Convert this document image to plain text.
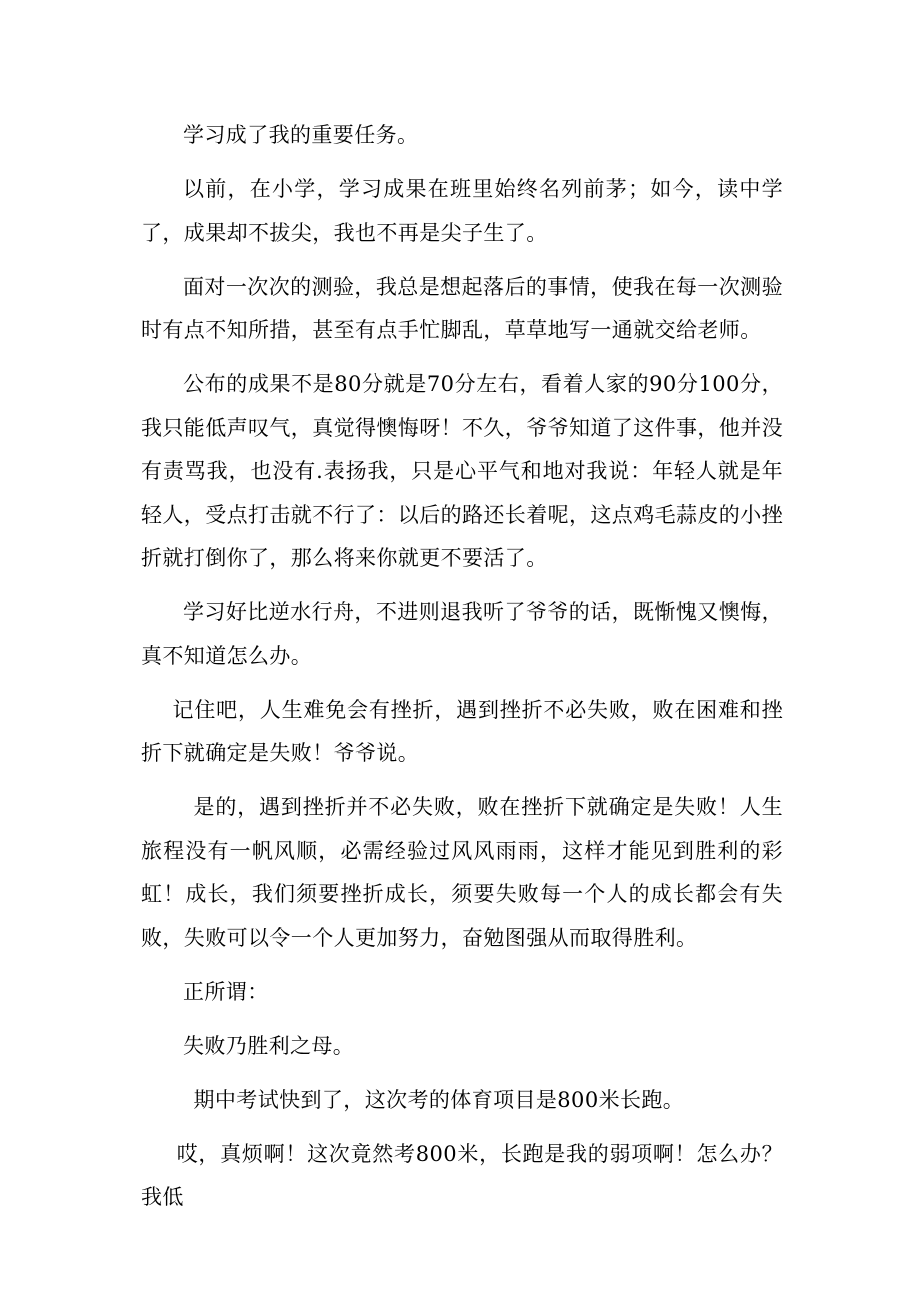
学习成了我的重要任务。

以前，在小学，学习成果在班里始终名列前茅；如今，读中学了，成果却不拔尖，我也不再是尖子生了。

面对一次次的测验，我总是想起落后的事情，使我在每一次测验时有点不知所措，甚至有点手忙脚乱，草草地写一通就交给老师。

公布的成果不是80分就是70分左右，看着人家的90分100分，我只能低声叹气，真觉得懊悔呀！不久，爷爷知道了这件事，他并没有责骂我，也没有.表扬我，只是心平气和地对我说：年轻人就是年轻人，受点打击就不行了：以后的路还长着呢，这点鸡毛蒜皮的小挫折就打倒你了，那么将来你就更不要活了。

学习好比逆水行舟，不进则退我听了爷爷的话，既惭愧又懊悔，真不知道怎么办。

记住吧，人生难免会有挫折，遇到挫折不必失败，败在困难和挫折下就确定是失败！爷爷说。

是的，遇到挫折并不必失败，败在挫折下就确定是失败！人生旅程没有一帆风顺，必需经验过风风雨雨，这样才能见到胜利的彩虹！成长，我们须要挫折成长，须要失败每一个人的成长都会有失败，失败可以令一个人更加努力，奋勉图强从而取得胜利。

正所谓：

失败乃胜利之母。

期中考试快到了，这次考的体育项目是800米长跑。

哎，真烦啊！这次竟然考800米，长跑是我的弱项啊！怎么办？我低
